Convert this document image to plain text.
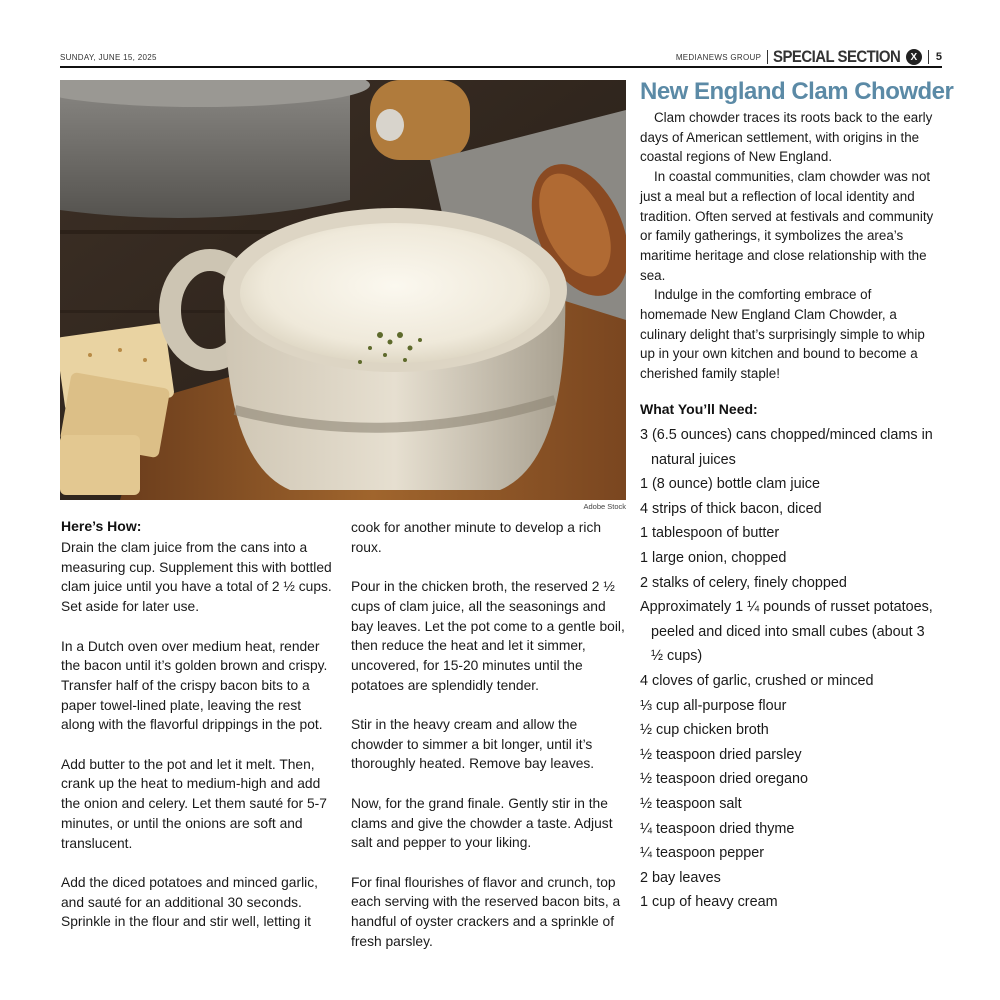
SUNDAY, JUNE 15, 2025	MEDIANEWS GROUP SPECIAL SECTION	X	5
Adobe Stock
New England Clam Chowder

Clam chowder traces its roots back to the early days of American settlement, with origins in the coastal regions of New England.

In coastal communities, clam chowder was not just a meal but a reflection of local identity and tradition. Often served at festivals and community or family gatherings, it symbolizes the area’s maritime heritage and close relationship with the sea.

Indulge in the comforting embrace of homemade New England Clam Chowder, a culinary delight that’s surprisingly simple to whip up in your own kitchen and bound to become a cherished family staple!

What You’ll Need:
3 (6.5 ounces) cans chopped/minced clams in natural juices
1 (8 ounce) bottle clam juice
4 strips of thick bacon, diced
1 tablespoon of butter
1 large onion, chopped
2 stalks of celery, finely chopped
Approximately 1 ¼ pounds of russet potatoes, peeled and diced into small cubes (about 3 ½ cups)
4 cloves of garlic, crushed or minced
⅓ cup all-purpose flour
½ cup chicken broth
½ teaspoon dried parsley
½ teaspoon dried oregano
½ teaspoon salt
¼ teaspoon dried thyme
¼ teaspoon pepper
2 bay leaves
1 cup of heavy cream
Here’s How:

Drain the clam juice from the cans into a measuring cup. Supplement this with bottled clam juice until you have a total of 2 ½ cups. Set aside for later use.

In a Dutch oven over medium heat, render the bacon until it’s golden brown and crispy. Transfer half of the crispy bacon bits to a paper towel-lined plate, leaving the rest along with the flavorful drippings in the pot.

Add butter to the pot and let it melt. Then, crank up the heat to medium-high and add the onion and celery. Let them sauté for 5-7 minutes, or until the onions are soft and translucent.

Add the diced potatoes and minced garlic, and sauté for an additional 30 seconds. Sprinkle in the flour and stir well, letting it

cook for another minute to develop a rich roux.

Pour in the chicken broth, the reserved 2 ½ cups of clam juice, all the seasonings and bay leaves. Let the pot come to a gentle boil, then reduce the heat and let it simmer, uncovered, for 15-20 minutes until the potatoes are splendidly tender.

Stir in the heavy cream and allow the chowder to simmer a bit longer, until it’s thoroughly heated. Remove bay leaves.

Now, for the grand finale. Gently stir in the clams and give the chowder a taste. Adjust salt and pepper to your liking.

For final flourishes of flavor and crunch, top each serving with the reserved bacon bits, a handful of oyster crackers and a sprinkle of fresh parsley.
